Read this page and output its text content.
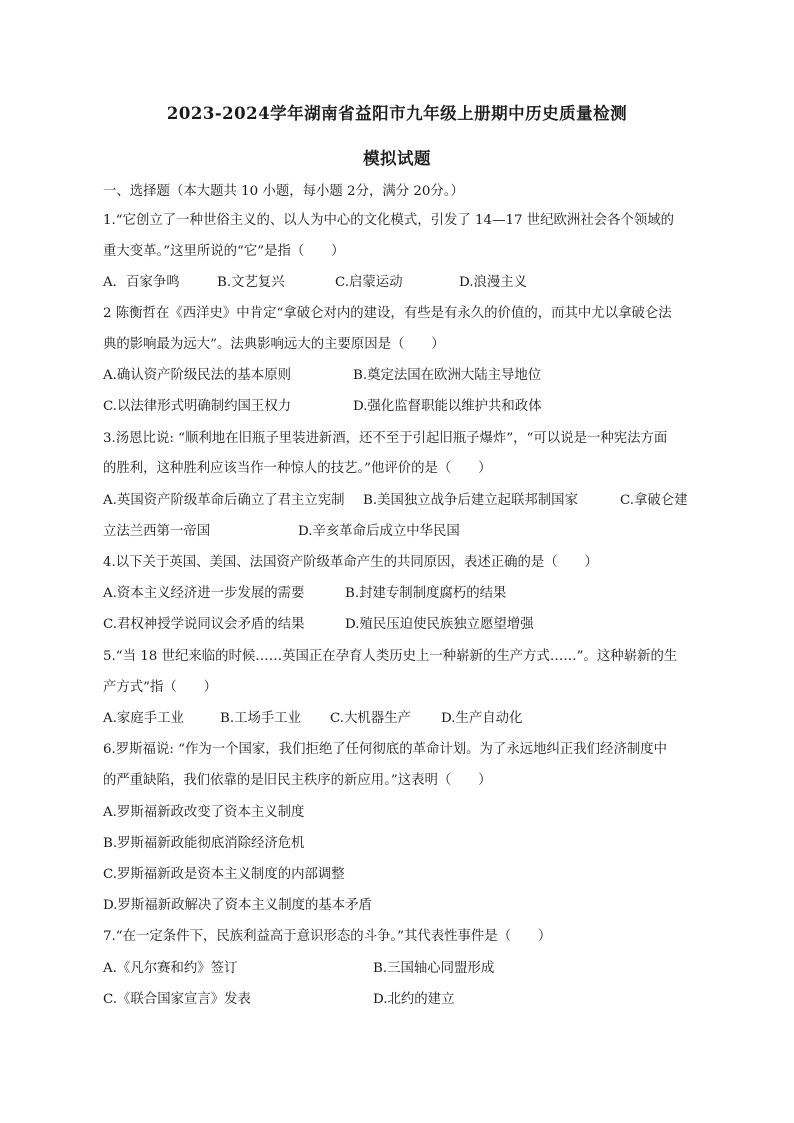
2023-2024学年湖南省益阳市九年级上册期中历史质量检测
模拟试题
一、选择题（本大题共 10 小题，每小题 2分，满分 20分。）
1.“它创立了一种世俗主义的、以人为中心的文化模式，引发了 14—17 世纪欧洲社会各个领域的
重大变革。”这里所说的“它”是指（　　）
A．百家争鸣	B.文艺复兴	C.启蒙运动	D.浪漫主义
2 陈衡哲在《西洋史》中肯定“拿破仑对内的建设，有些是有永久的价值的，而其中尤以拿破仑法
典的影响最为远大”。法典影响远大的主要原因是（　　）
A.确认资产阶级民法的基本原则	B.奠定法国在欧洲大陆主导地位
C.以法律形式明确制约国王权力	D.强化监督职能以维护共和政体
3.汤恩比说: “顺利地在旧瓶子里装进新酒，还不至于引起旧瓶子爆炸”，“可以说是一种宪法方面
的胜利，这种胜利应该当作一种惊人的技艺。”他评价的是（　　）
A.英国资产阶级革命后确立了君主立宪制 B.美国独立战争后建立起联邦制国家	C.拿破仑建
立法兰西第一帝国	D.辛亥革命后成立中华民国
4.以下关于英国、美国、法国资产阶级革命产生的共同原因，表述正确的是（　　）
A.资本主义经济进一步发展的需要	B.封建专制制度腐朽的结果
C.君权神授学说同议会矛盾的结果	D.殖民压迫使民族独立愿望增强
5.“当 18 世纪来临的时候……英国正在孕育人类历史上一种崭新的生产方式……”。这种崭新的生
产方式”指（　　）
A.家庭手工业	B.工场手工业 C.大机器生产 D.生产自动化
6.罗斯福说: “作为一个国家，我们拒绝了任何彻底的革命计划。为了永远地纠正我们经济制度中
的严重缺陷，我们依靠的是旧民主秩序的新应用。”这表明（　　）
A.罗斯福新政改变了资本主义制度
B.罗斯福新政能彻底消除经济危机
C.罗斯福新政是资本主义制度的内部调整
D.罗斯福新政解决了资本主义制度的基本矛盾
7.“在一定条件下，民族利益高于意识形态的斗争。”其代表性事件是（　　）
A.《凡尔赛和约》签订	B.三国轴心同盟形成
C.《联合国家宣言》发表	D.北约的建立
